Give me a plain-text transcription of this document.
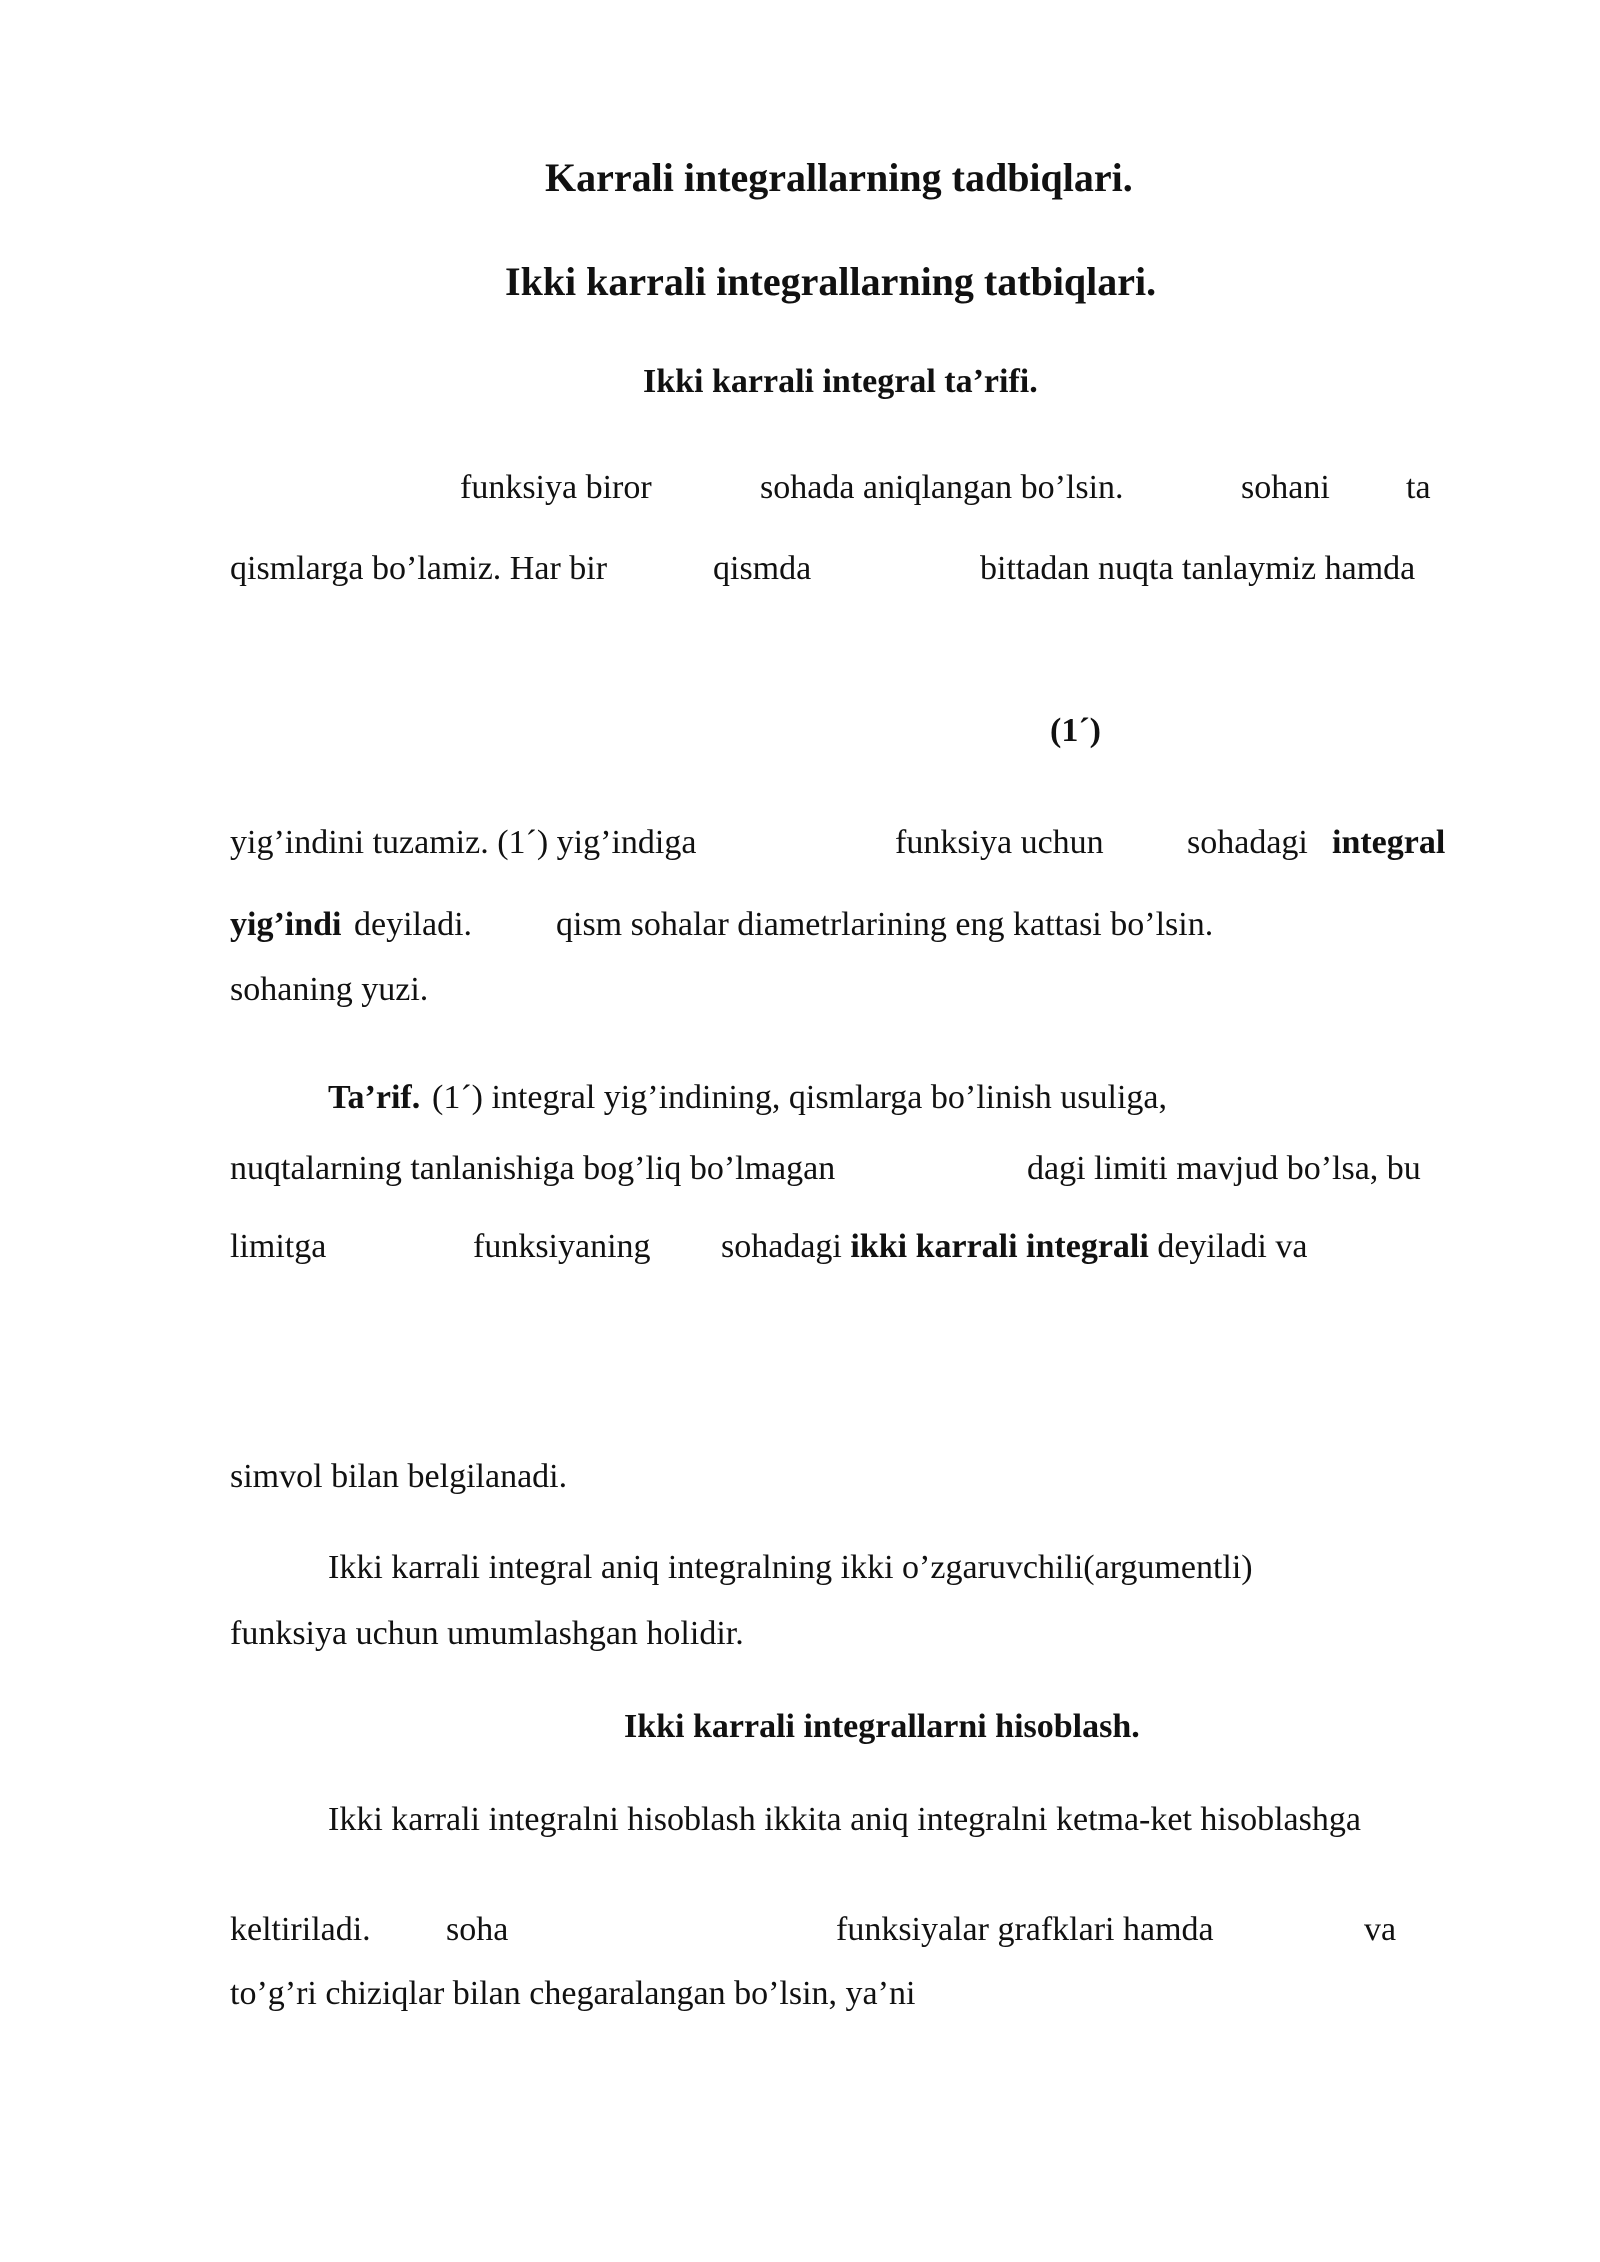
Karrali integrallarning tadbiqlari.
Ikki karrali integrallarning tatbiqlari.
Ikki karrali integral ta’rifi.
funksiya biror	sohada aniqlangan bo’lsin.	sohani ta
qismlarga bo’lamiz. Har bir	qismda	bittadan nuqta tanlaymiz hamda
(1´)
yig’indini tuzamiz. (1´) yig’indiga	funksiya uchun sohadagi integral
yig’indi deyiladi. qism sohalar diametrlarining eng kattasi bo’lsin.
sohaning yuzi.
Ta’rif. (1´) integral yig’indining, qismlarga bo’linish usuliga,
nuqtalarning tanlanishiga bog’liq bo’lmagan	dagi limiti mavjud bo’lsa, bu
limitga	funksiyaning sohadagi ikki karrali integrali deyiladi va
simvol bilan belgilanadi.
Ikki karrali integral aniq integralning ikki o’zgaruvchili(argumentli)
funksiya uchun umumlashgan holidir.
Ikki karrali integrallarni hisoblash.
Ikki karrali integralni hisoblash ikkita aniq integralni ketma-ket hisoblashga
keltiriladi. soha	funksiyalar grafklari hamda	va
to’g’ri chiziqlar bilan chegaralangan bo’lsin, ya’ni
